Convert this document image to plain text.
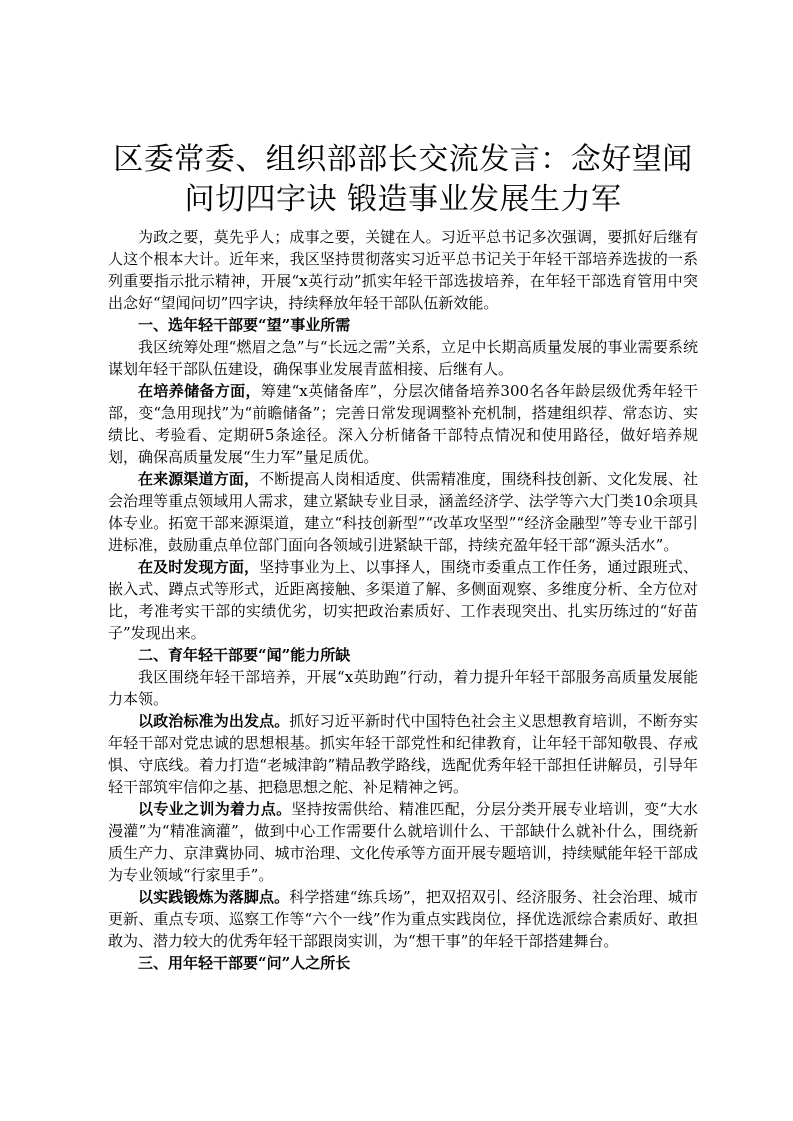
区委常委、组织部部长交流发言：念好望闻问切四字诀 锻造事业发展生力军

为政之要，莫先乎人；成事之要，关键在人。习近平总书记多次强调，要抓好后继有人这个根本大计。近年来，我区坚持贯彻落实习近平总书记关于年轻干部培养选拔的一系列重要指示批示精神，开展“x英行动”抓实年轻干部选拔培养，在年轻干部选育管用中突出念好“望闻问切”四字诀，持续释放年轻干部队伍新效能。

一、选年轻干部要“望”事业所需

我区统筹处理“燃眉之急”与“长远之需”关系，立足中长期高质量发展的事业需要系统谋划年轻干部队伍建设，确保事业发展青蓝相接、后继有人。

在培养储备方面，筹建“x英储备库”，分层次储备培养300名各年龄层级优秀年轻干部，变“急用现找”为“前瞻储备”；完善日常发现调整补充机制，搭建组织荐、常态访、实绩比、考验看、定期研5条途径。深入分析储备干部特点情况和使用路径，做好培养规划，确保高质量发展“生力军”量足质优。

在来源渠道方面，不断提高人岗相适度、供需精准度，围绕科技创新、文化发展、社会治理等重点领域用人需求，建立紧缺专业目录，涵盖经济学、法学等六大门类10余项具体专业。拓宽干部来源渠道，建立“科技创新型”“改革攻坚型”“经济金融型”等专业干部引进标准，鼓励重点单位部门面向各领域引进紧缺干部，持续充盈年轻干部“源头活水”。

在及时发现方面，坚持事业为上、以事择人，围绕市委重点工作任务，通过跟班式、嵌入式、蹲点式等形式，近距离接触、多渠道了解、多侧面观察、多维度分析、全方位对比，考准考实干部的实绩优劣，切实把政治素质好、工作表现突出、扎实历练过的“好苗子”发现出来。

二、育年轻干部要“闻”能力所缺

我区围绕年轻干部培养，开展“x英助跑”行动，着力提升年轻干部服务高质量发展能力本领。

以政治标准为出发点。抓好习近平新时代中国特色社会主义思想教育培训，不断夯实年轻干部对党忠诚的思想根基。抓实年轻干部党性和纪律教育，让年轻干部知敬畏、存戒惧、守底线。着力打造“老城津韵”精品教学路线，选配优秀年轻干部担任讲解员，引导年轻干部筑牢信仰之基、把稳思想之舵、补足精神之钙。

以专业之训为着力点。坚持按需供给、精准匹配，分层分类开展专业培训，变“大水漫灌”为“精准滴灌”，做到中心工作需要什么就培训什么、干部缺什么就补什么，围绕新质生产力、京津冀协同、城市治理、文化传承等方面开展专题培训，持续赋能年轻干部成为专业领域“行家里手”。

以实践锻炼为落脚点。科学搭建“练兵场”，把双招双引、经济服务、社会治理、城市更新、重点专项、巡察工作等“六个一线”作为重点实践岗位，择优选派综合素质好、敢担敢为、潜力较大的优秀年轻干部跟岗实训，为“想干事”的年轻干部搭建舞台。

三、用年轻干部要“问”人之所长
